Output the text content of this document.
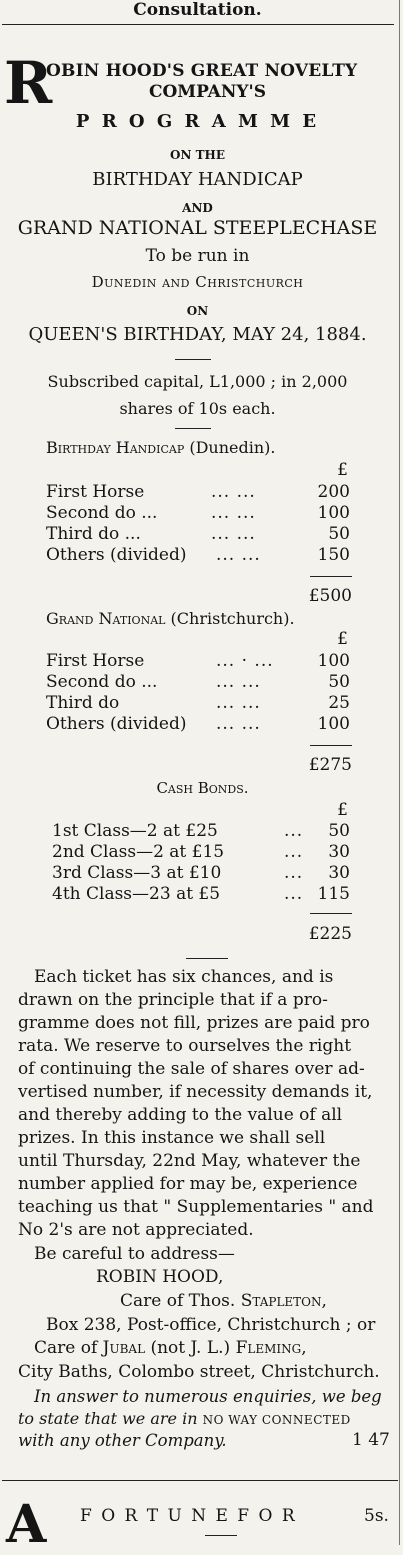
Consultation.
R
OBIN HOOD'S GREAT NOVELTY
COMPANY'S
P R O G R A M M E
ON THE
BIRTHDAY HANDICAP
AND
GRAND NATIONAL STEEPLECHASE
To be run in
Dunedin and Christchurch
ON
QUEEN'S BIRTHDAY, MAY 24, 1884.
Subscribed capital, L1,000 ; in 2,000
shares of 10s each.
Birthday Handicap (Dunedin).
£
First Horse	... ...	200
Second do ...	... ...	100
Third do ...	... ...	50
Others (divided) ... ...	150
£500
Grand National (Christchurch).
£
First Horse	... · ...	100
Second do ...	... ...	50
Third do	... ...	25
Others (divided) ... ...	100
£275
Cash Bonds.
£
1st Class—2 at £25	...	50
2nd Class—2 at £15	...	30
3rd Class—3 at £10	...	30
4th Class—23 at £5	... 115
£225
Each ticket has six chances, and is
drawn on the principle that if a pro-
gramme does not fill, prizes are paid pro
rata. We reserve to ourselves the right
of continuing the sale of shares over ad-
vertised number, if necessity demands it,
and thereby adding to the value of all
prizes. In this instance we shall sell
until Thursday, 22nd May, whatever the
number applied for may be, experience
teaching us that " Supplementaries " and
No 2's are not appreciated.
Be careful to address—
ROBIN HOOD,
Care of Thos. Stapleton,
Box 238, Post-office, Christchurch ; or
Care of Jubal (not J. L.) Fleming,
City Baths, Colombo street, Christchurch.
In answer to numerous enquiries, we beg
to state that we are in NO WAY CONNECTED
with any other Company.	1 47
A F O R T U N E F O R	5s.
